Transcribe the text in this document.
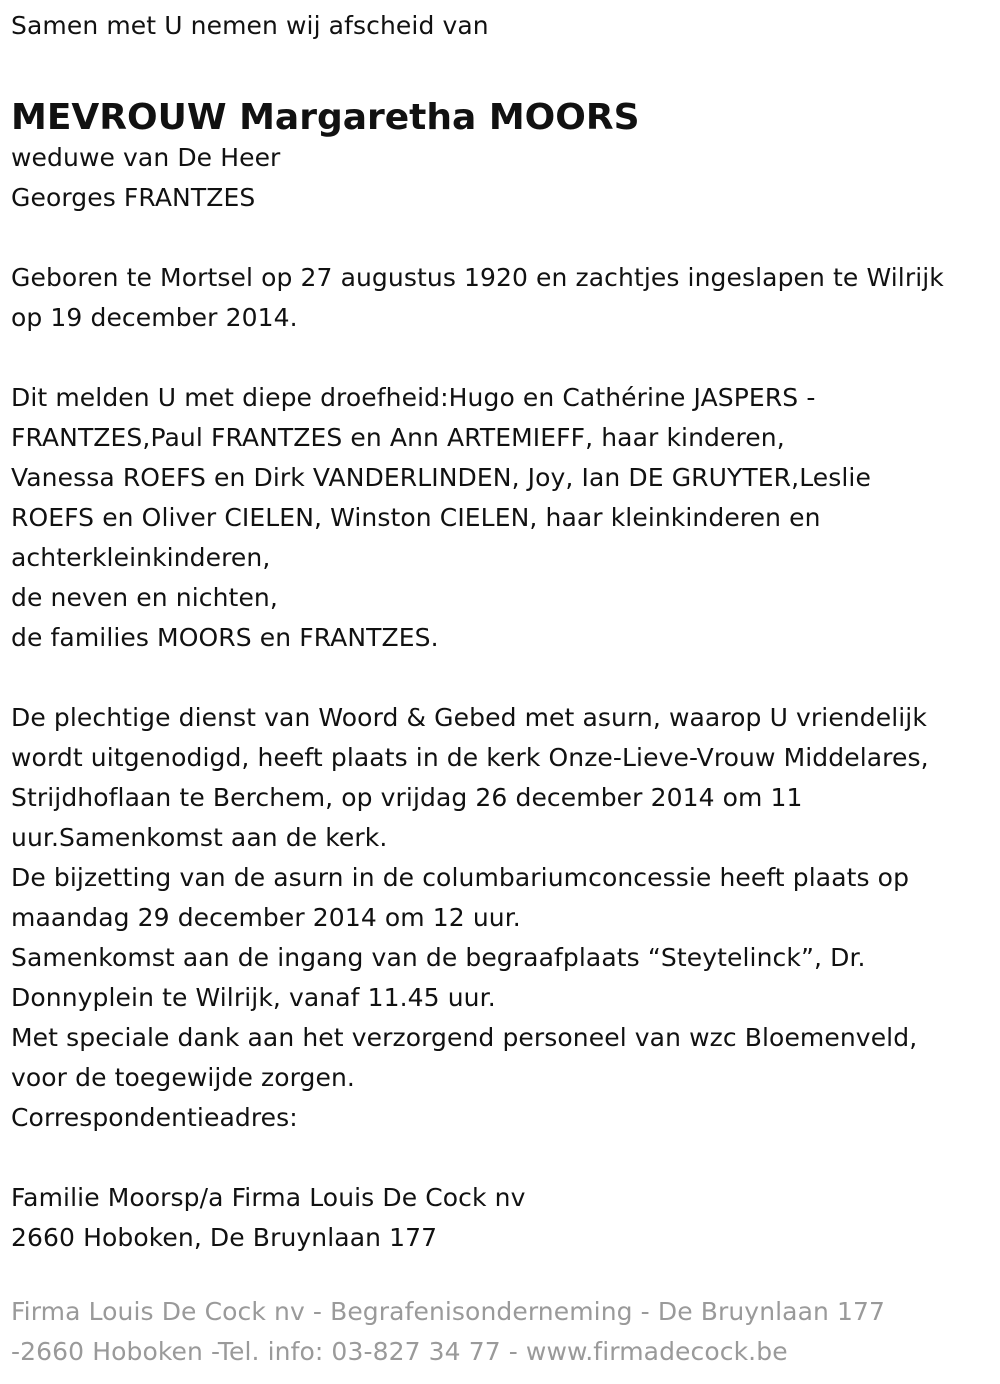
Samen met U nemen wij afscheid van
MEVROUW Margaretha MOORS
weduwe van De Heer
Georges FRANTZES
Geboren te Mortsel op 27 augustus 1920 en zachtjes ingeslapen te Wilrijk
op 19 december 2014.
Dit melden U met diepe droefheid:Hugo en Cathérine JASPERS -
FRANTZES,Paul FRANTZES en Ann ARTEMIEFF, haar kinderen,
Vanessa ROEFS en Dirk VANDERLINDEN, Joy, Ian DE GRUYTER,Leslie
ROEFS en Oliver CIELEN, Winston CIELEN, haar kleinkinderen en
achterkleinkinderen,
de neven en nichten,
de families MOORS en FRANTZES.
De plechtige dienst van Woord & Gebed met asurn, waarop U vriendelijk
wordt uitgenodigd, heeft plaats in de kerk Onze-Lieve-Vrouw Middelares,
Strijdhoflaan te Berchem, op vrijdag 26 december 2014 om 11
uur.Samenkomst aan de kerk.
De bijzetting van de asurn in de columbariumconcessie heeft plaats op
maandag 29 december 2014 om 12 uur.
Samenkomst aan de ingang van de begraafplaats “Steytelinck”, Dr.
Donnyplein te Wilrijk, vanaf 11.45 uur.
Met speciale dank aan het verzorgend personeel van wzc Bloemenveld,
voor de toegewijde zorgen.
Correspondentieadres:
Familie Moorsp/a Firma Louis De Cock nv
2660 Hoboken, De Bruynlaan 177
Firma Louis De Cock nv - Begrafenisonderneming - De Bruynlaan 177
-2660 Hoboken -Tel. info: 03-827 34 77 - www.firmadecock.be
